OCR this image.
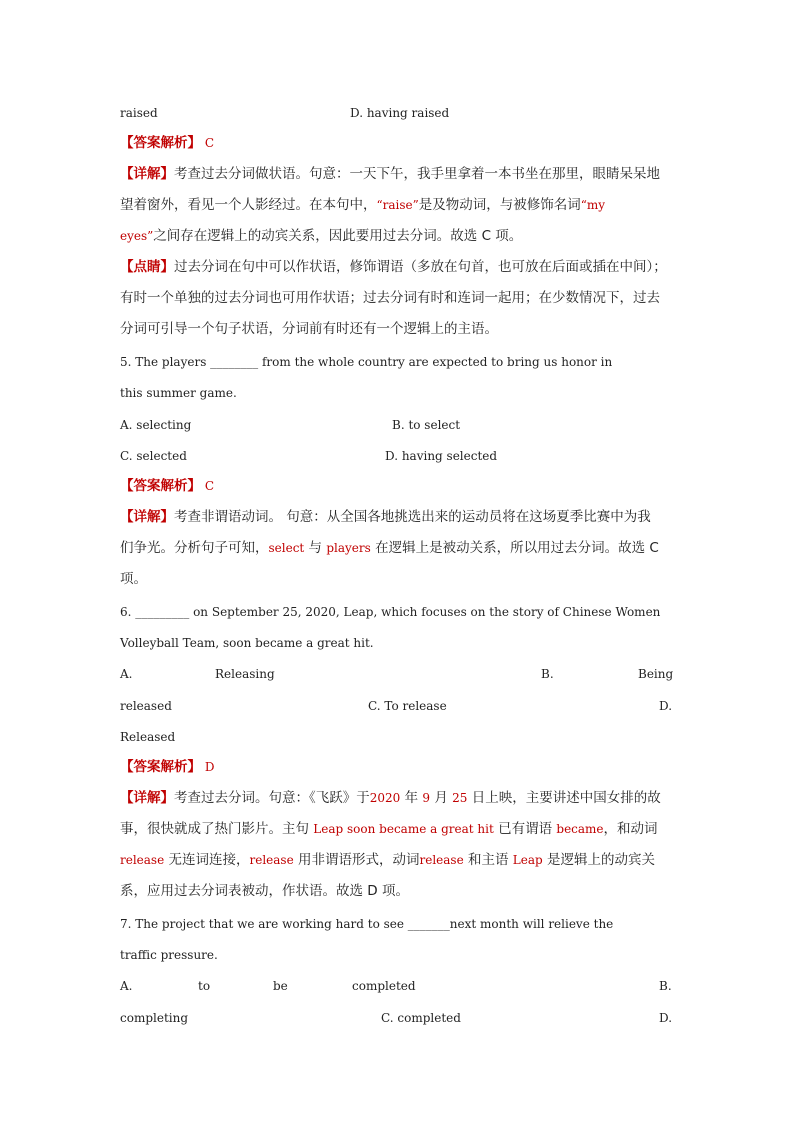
raised	D. having raised
【答案解析】 C
【详解】考查过去分词做状语。句意：一天下午，我手里拿着一本书坐在那里，眼睛呆呆地
望着窗外，看见一个人影经过。在本句中，“raise”是及物动词，与被修饰名词“my
eyes”之间存在逻辑上的动宾关系，因此要用过去分词。故选 C 项。
【点睛】过去分词在句中可以作状语，修饰谓语（多放在句首，也可放在后面或插在中间）；
有时一个单独的过去分词也可用作状语；过去分词有时和连词一起用；在少数情况下，过去
分词可引导一个句子状语，分词前有时还有一个逻辑上的主语。
5. The players ________ from the whole country are expected to bring us honor in
this summer game.
A. selecting	B. to select
C. selected	D. having selected
【答案解析】 C
【详解】考查非谓语动词。 句意：从全国各地挑选出来的运动员将在这场夏季比赛中为我
们争光。分析句子可知，select 与 players 在逻辑上是被动关系，所以用过去分词。故选 C
项。
6. _________ on September 25, 2020, Leap, which focuses on the story of Chinese Women
Volleyball Team, soon became a great hit.
A.	Releasing	B.	Being
released	C. To release	D.
Released
【答案解析】 D
【详解】考查过去分词。句意：《飞跃》于2020 年 9 月 25 日上映，主要讲述中国女排的故
事，很快就成了热门影片。主句 Leap soon became a great hit 已有谓语 became，和动词
release 无连词连接，release 用非谓语形式，动词release 和主语 Leap 是逻辑上的动宾关
系，应用过去分词表被动，作状语。故选 D 项。
7. The project that we are working hard to see _______next month will relieve the
traffic pressure.
A.	to	be	completed	B.
completing	C. completed	D.
